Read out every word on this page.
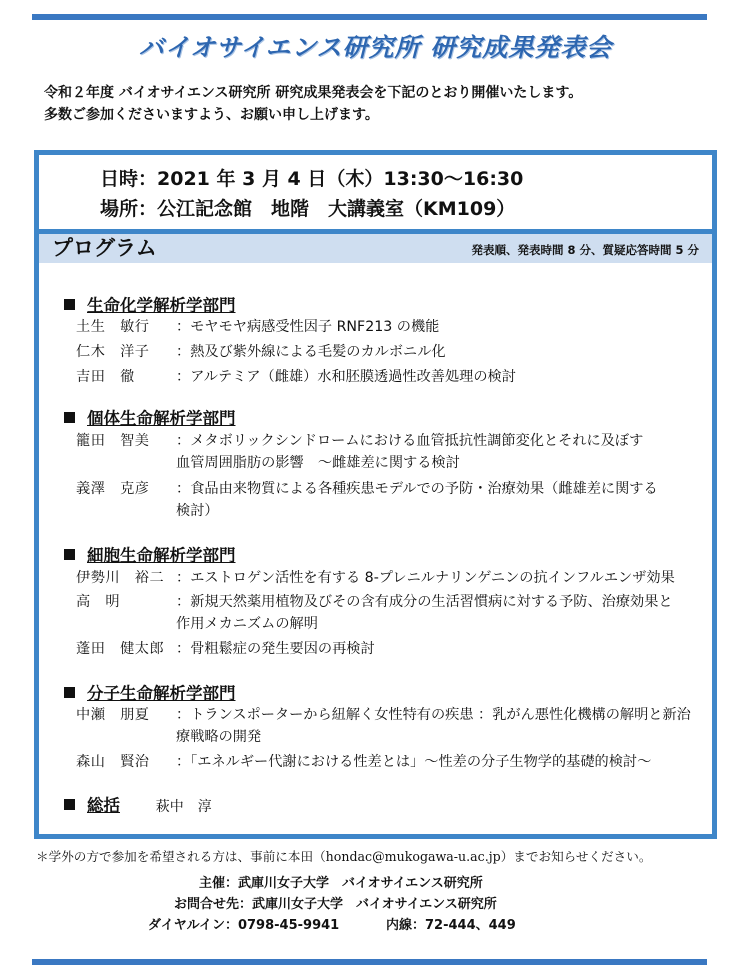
バイオサイエンス研究所 研究成果発表会
令和２年度 バイオサイエンス研究所 研究成果発表会を下記のとおり開催いたします。
多数ご参加くださいますよう、お願い申し上げます。
日時：2021 年 3 月 4 日（木）13:30〜16:30
場所：公江記念館　地階　大講義室（KM109）
プログラム	発表順、発表時間 8 分、質疑応答時間 5 分
生命化学解析学部門
土生　敏行	：モヤモヤ病感受性因子 RNF213 の機能
仁木　洋子	：熱及び紫外線による毛髪のカルボニル化
吉田　徹	：アルテミア（雌雄）水和胚膜透過性改善処理の検討
個体生命解析学部門
籠田　智美	：メタボリックシンドロームにおける血管抵抗性調節変化とそれに及ぼす　血管周囲脂肪の影響　〜雌雄差に関する検討
義澤　克彦	：食品由来物質による各種疾患モデルでの予防・治療効果（雌雄差に関する検討）
細胞生命解析学部門
伊勢川　裕二 ：エストロゲン活性を有する 8-プレニルナリンゲニンの抗インフルエンザ効果
高　明	：新規天然薬用植物及びその含有成分の生活習慣病に対する予防、治療効果と作用メカニズムの解明
蓬田　健太郎 ：骨粗鬆症の発生要因の再検討
分子生命解析学部門
中瀬　朋夏	：トランスポーターから紐解く女性特有の疾患 ：乳がん悪性化機構の解明と新治療戦略の開発
森山　賢治	：「エネルギー代謝における性差とは」〜性差の分子生物学的基礎的検討〜
総括	萩中　淳
＊学外の方で参加を希望される方は、事前に本田（hondac@mukogawa-u.ac.jp）までお知らせください。
主催：武庫川女子大学　バイオサイエンス研究所
お問合せ先：武庫川女子大学　バイオサイエンス研究所
ダイヤルイン：0798-45-9941	内線：72-444、449
